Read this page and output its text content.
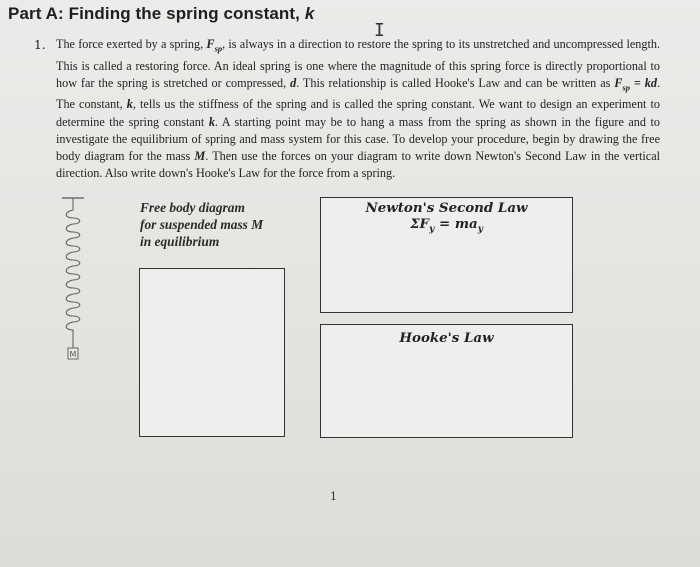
Part A: Finding the spring constant, k
I
1. The force exerted by a spring, $F_{sp}$, is always in a direction to restore the spring to its unstretched and uncompressed length. This is called a restoring force. An ideal spring is one where the magnitude of this spring force is directly proportional to how far the spring is stretched or compressed, d. This relationship is called Hooke's Law and can be written as $F_{sp}$ = kd. The constant, k, tells us the stiffness of the spring and is called the spring constant. We want to design an experiment to determine the spring constant k. A starting point may be to hang a mass from the spring as shown in the figure and to investigate the equilibrium of spring and mass system for this case. To develop your procedure, begin by drawing the free body diagram for the mass M. Then use the forces on your diagram to write down Newton's Second Law in the vertical direction. Also write down's Hooke's Law for the force from a spring.
M
Free body diagram
for suspended mass M
in equilibrium
Newton's Second Law
$\Sigma F_y = ma_y$
Hooke's Law
1
